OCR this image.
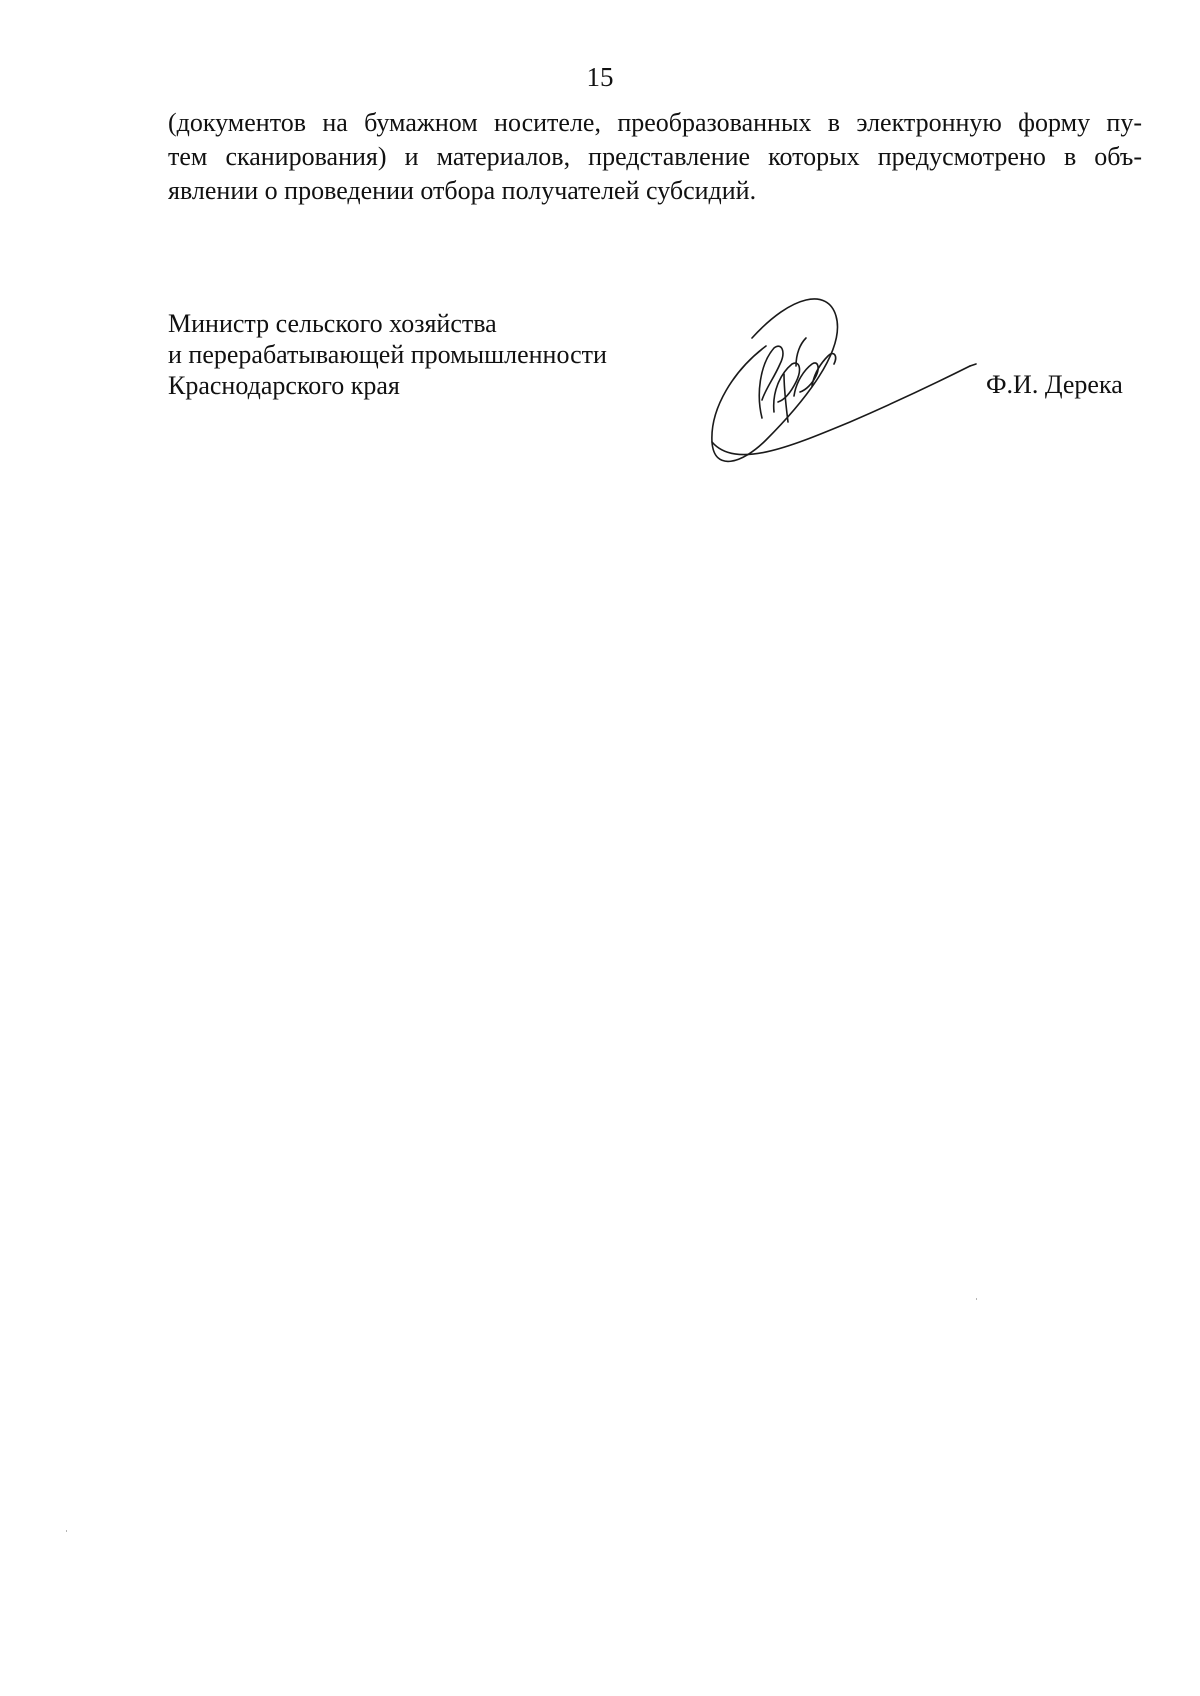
15
(документов на бумажном носителе, преобразованных в электронную форму пу-
тем сканирования) и материалов, представление которых предусмотрено в объ-
явлении о проведении отбора получателей субсидий.
Министр сельского хозяйства
и перерабатывающей промышленности
Краснодарского края	Ф.И. Дерека
